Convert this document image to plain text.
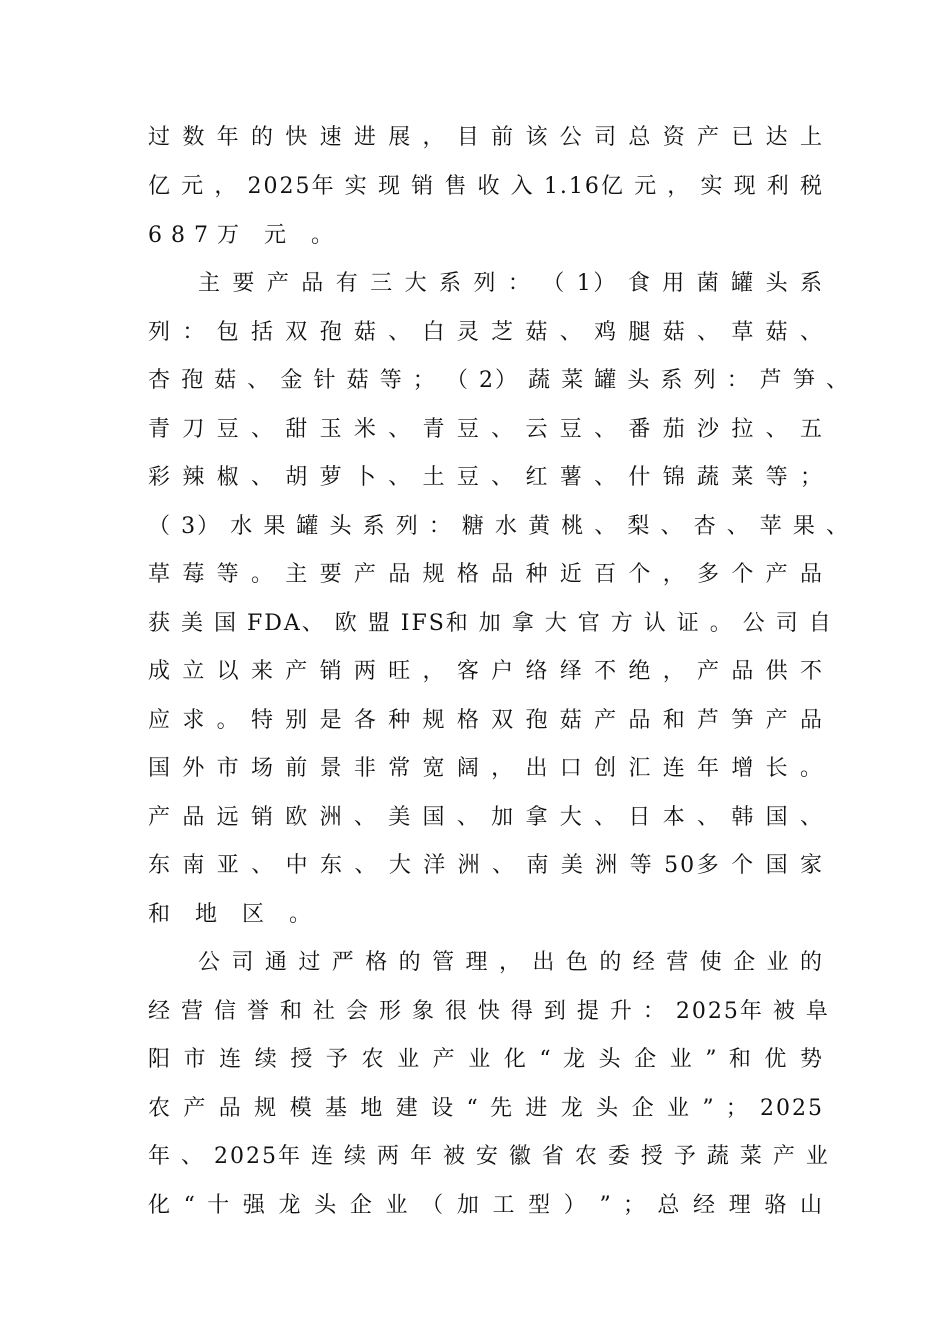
过 数 年 的 快 速 进 展 ， 目 前 该 公 司 总 资 产 已 达 上
亿 元 ， 2025年 实 现 销 售 收 入 1.16亿 元 ， 实 现 利 税
687万 元 。
主 要 产 品 有 三 大 系 列 ： （ 1） 食 用 菌 罐 头 系
列 ： 包 括 双 孢 菇 、 白 灵 芝 菇 、 鸡 腿 菇 、 草 菇 、
杏 孢 菇 、 金 针 菇 等 ； （ 2） 蔬 菜 罐 头 系 列 ： 芦 笋 、
青 刀 豆 、 甜 玉 米 、 青 豆 、 云 豆 、 番 茄 沙 拉 、 五
彩 辣 椒 、 胡 萝 卜 、 土 豆 、 红 薯 、 什 锦 蔬 菜 等 ；
（ 3） 水 果 罐 头 系 列 ： 糖 水 黄 桃 、 梨 、 杏 、 苹 果 、
草 莓 等 。 主 要 产 品 规 格 品 种 近 百 个 ， 多 个 产 品
获 美 国 FDA、 欧 盟 IFS和 加 拿 大 官 方 认 证 。 公 司 自
成 立 以 来 产 销 两 旺 ， 客 户 络 绎 不 绝 ， 产 品 供 不
应 求 。 特 别 是 各 种 规 格 双 孢 菇 产 品 和 芦 笋 产 品
国 外 市 场 前 景 非 常 宽 阔 ， 出 口 创 汇 连 年 增 长 。
产 品 远 销 欧 洲 、 美 国 、 加 拿 大 、 日 本 、 韩 国 、
东 南 亚 、 中 东 、 大 洋 洲 、 南 美 洲 等 50多 个 国 家
和 地 区 。
公 司 通 过 严 格 的 管 理 ， 出 色 的 经 营 使 企 业 的
经 营 信 誉 和 社 会 形 象 很 快 得 到 提 升 ： 2025年 被 阜
阳 市 连 续 授 予 农 业 产 业 化 “ 龙 头 企 业 ” 和 优 势
农 产 品 规 模 基 地 建 设 “ 先 进 龙 头 企 业 ” ； 2025
年 、 2025年 连 续 两 年 被 安 徽 省 农 委 授 予 蔬 菜 产 业
化 “ 十 强 龙 头 企 业 （ 加 工 型 ） ” ； 总 经 理 骆 山
